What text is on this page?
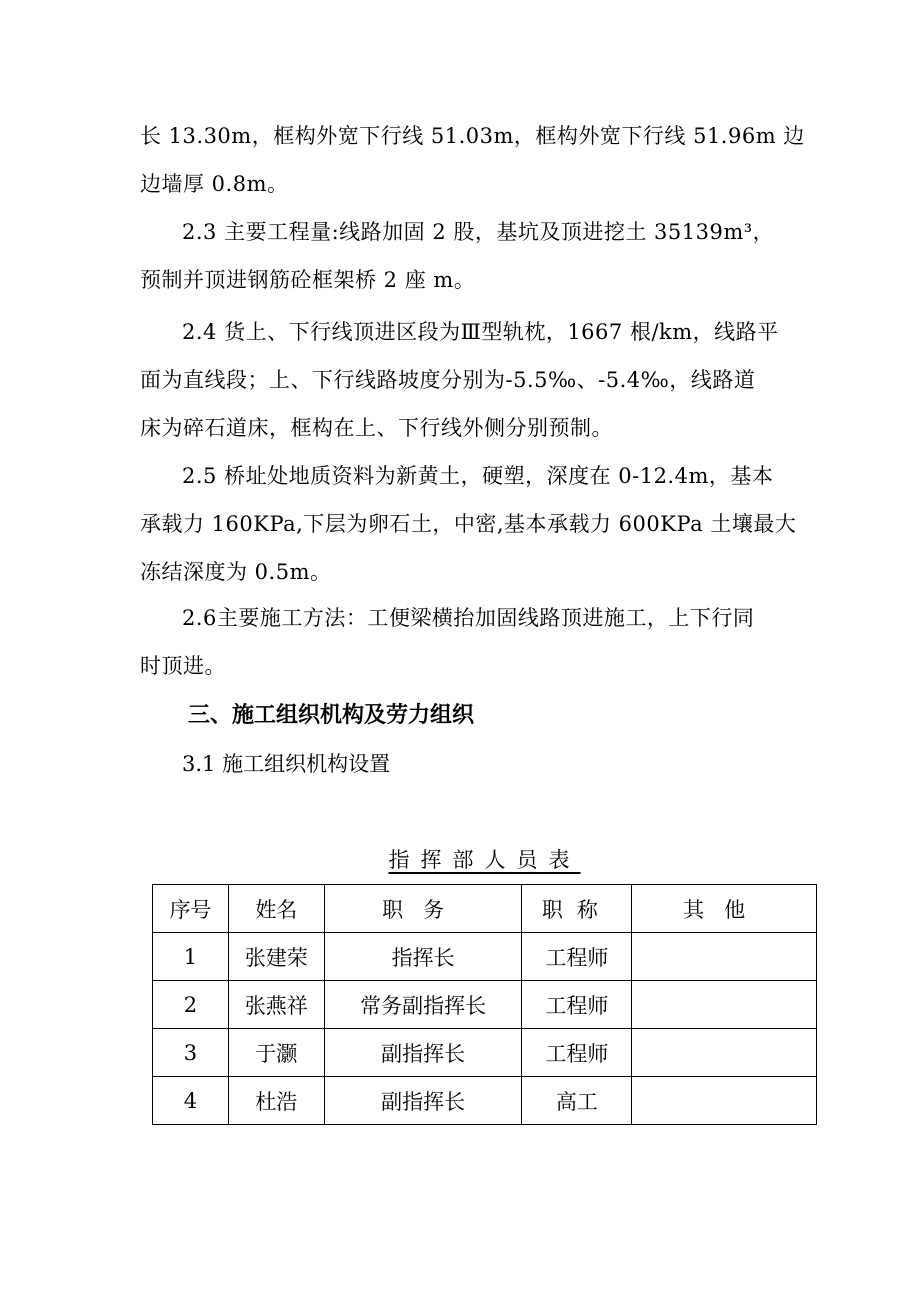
长 13.30m，框构外宽下行线 51.03m，框构外宽下行线 51.96m 边
边墙厚 0.8m。
2.3 主要工程量:线路加固 2 股，基坑及顶进挖土 35139m³，
预制并顶进钢筋砼框架桥 2 座 m。
2.4 货上、下行线顶进区段为Ⅲ型轨枕，1667 根/km，线路平
面为直线段；上、下行线路坡度分别为-5.5‰、-5.4‰，线路道
床为碎石道床，框构在上、下行线外侧分别预制。
2.5 桥址处地质资料为新黄土，硬塑，深度在 0-12.4m，基本
承载力 160KPa,下层为卵石土，中密,基本承载力 600KPa 土壤最大
冻结深度为 0.5m。
2.6主要施工方法：工便梁横抬加固线路顶进施工，上下行同
时顶进。
三、施工组织机构及劳力组织

3.1 施工组织机构设置

指挥部人员表

序号	姓名	职务	职称	其他
1	张建荣	指挥长	工程师	
2	张燕祥	常务副指挥长	工程师	
3	于灏	副指挥长	工程师	
4	杜浩	副指挥长	高工	
